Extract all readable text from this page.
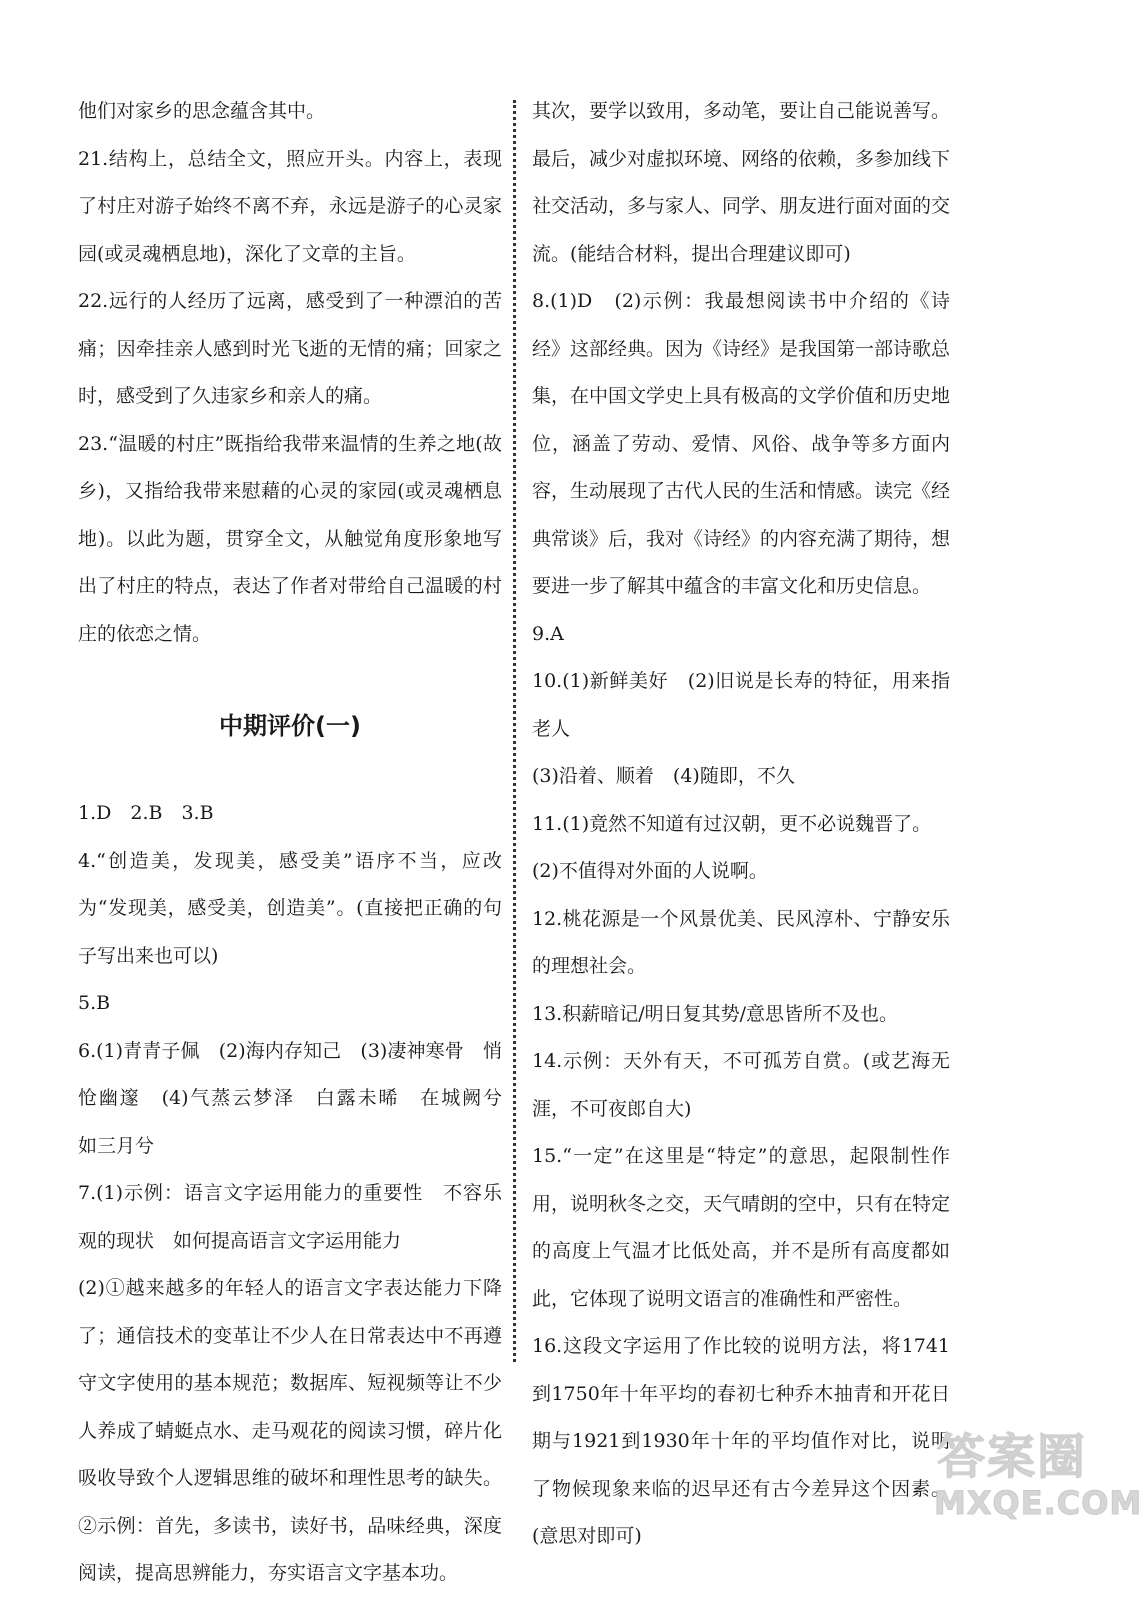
他们对家乡的思念蕴含其中。

21.结构上，总结全文，照应开头。内容上，表现了村庄对游子始终不离不弃，永远是游子的心灵家园(或灵魂栖息地)，深化了文章的主旨。

22.远行的人经历了远离，感受到了一种漂泊的苦痛；因牵挂亲人感到时光飞逝的无情的痛；回家之时，感受到了久违家乡和亲人的痛。

23.“温暖的村庄”既指给我带来温情的生养之地(故乡)，又指给我带来慰藉的心灵的家园(或灵魂栖息地)。以此为题，贯穿全文，从触觉角度形象地写出了村庄的特点，表达了作者对带给自己温暖的村庄的依恋之情。

中期评价(一)

1.D　2.B　3.B

4.“创造美，发现美，感受美”语序不当，应改为“发现美，感受美，创造美”。(直接把正确的句子写出来也可以)

5.B

6.(1)青青子佩　(2)海内存知己　(3)凄神寒骨　悄怆幽邃　(4)气蒸云梦泽　白露未晞　在城阙兮　如三月兮

7.(1)示例：语言文字运用能力的重要性　不容乐观的现状　如何提高语言文字运用能力

(2)①越来越多的年轻人的语言文字表达能力下降了；通信技术的变革让不少人在日常表达中不再遵守文字使用的基本规范；数据库、短视频等让不少人养成了蜻蜓点水、走马观花的阅读习惯，碎片化吸收导致个人逻辑思维的破坏和理性思考的缺失。②示例：首先，多读书，读好书，品味经典，深度阅读，提高思辨能力，夯实语言文字基本功。

其次，要学以致用，多动笔，要让自己能说善写。最后，减少对虚拟环境、网络的依赖，多参加线下社交活动，多与家人、同学、朋友进行面对面的交流。(能结合材料，提出合理建议即可)

8.(1)D　(2)示例：我最想阅读书中介绍的《诗经》这部经典。因为《诗经》是我国第一部诗歌总集，在中国文学史上具有极高的文学价值和历史地位，涵盖了劳动、爱情、风俗、战争等多方面内容，生动展现了古代人民的生活和情感。读完《经典常谈》后，我对《诗经》的内容充满了期待，想要进一步了解其中蕴含的丰富文化和历史信息。

9.A

10.(1)新鲜美好　(2)旧说是长寿的特征，用来指老人

(3)沿着、顺着　(4)随即，不久

11.(1)竟然不知道有过汉朝，更不必说魏晋了。

(2)不值得对外面的人说啊。

12.桃花源是一个风景优美、民风淳朴、宁静安乐的理想社会。

13.积薪暗记/明日复其势/意思皆所不及也。

14.示例：天外有天，不可孤芳自赏。(或艺海无涯，不可夜郎自大)

15.“一定”在这里是“特定”的意思，起限制性作用，说明秋冬之交，天气晴朗的空中，只有在特定的高度上气温才比低处高，并不是所有高度都如此，它体现了说明文语言的准确性和严密性。

16.这段文字运用了作比较的说明方法，将1741到1750年十年平均的春初七种乔木抽青和开花日期与1921到1930年十年的平均值作对比，说明了物候现象来临的迟早还有古今差异这个因素。(意思对即可)

答案圈
MXQE.COM
